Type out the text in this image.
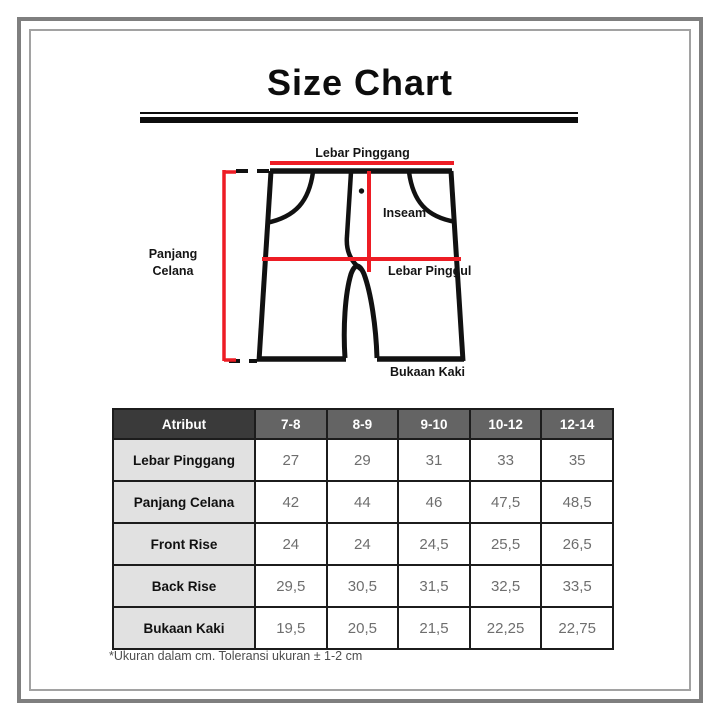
Size Chart
Lebar Pinggang
Inseam
Lebar Pinggul
Bukaan Kaki
Panjang Celana
Atribut	7-8	8-9	9-10	10-12	12-14
Lebar Pinggang	27	29	31	33	35
Panjang Celana	42	44	46	47,5	48,5
Front Rise	24	24	24,5	25,5	26,5
Back Rise	29,5	30,5	31,5	32,5	33,5
Bukaan Kaki	19,5	20,5	21,5	22,25	22,75
*Ukuran dalam cm. Toleransi ukuran ± 1-2 cm
